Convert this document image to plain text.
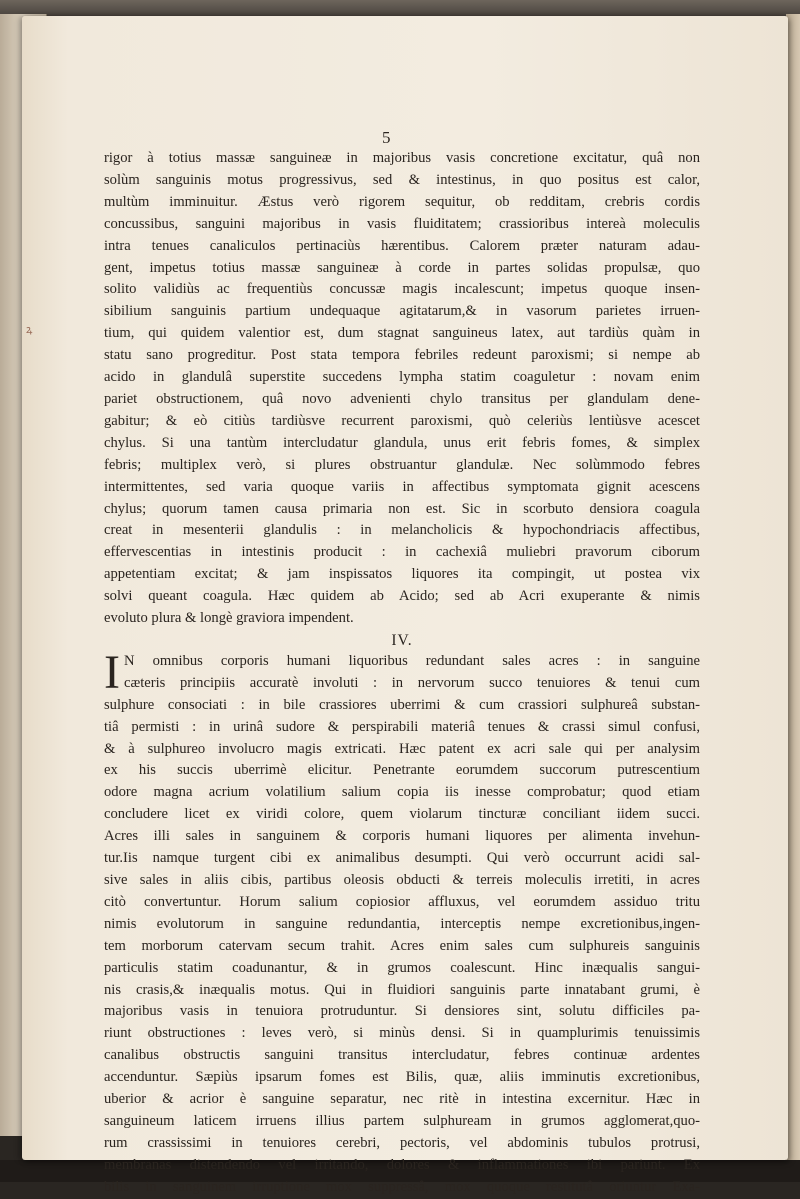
ꝝ
5
rigor à totius massæ sanguineæ in majoribus vasis concretione excitatur, quâ non
solùm sanguinis motus progressivus, sed & intestinus, in quo positus est calor,
multùm imminuitur. Æstus verò rigorem sequitur, ob redditam, crebris cordis
concussibus, sanguini majoribus in vasis fluiditatem; crassioribus intereà moleculis
intra tenues canaliculos pertinaciùs hærentibus. Calorem præter naturam adau-
gent, impetus totius massæ sanguineæ à corde in partes solidas propulsæ, quo
solito validiùs ac frequentiùs concussæ magis incalescunt; impetus quoque insen-
sibilium sanguinis partium undequaque agitatarum,& in vasorum parietes irruen-
tium, qui quidem valentior est, dum stagnat sanguineus latex, aut tardiùs quàm in
statu sano progreditur. Post stata tempora febriles redeunt paroxismi; si nempe ab
acido in glandulâ superstite succedens lympha statim coaguletur : novam enim
pariet obstructionem, quâ novo advenienti chylo transitus per glandulam dene-
gabitur; & eò citiùs tardiùsve recurrent paroxismi, quò celeriùs lentiùsve acescet
chylus. Si una tantùm intercludatur glandula, unus erit febris fomes, & simplex
febris; multiplex verò, si plures obstruantur glandulæ. Nec solùmmodo febres
intermittentes, sed varia quoque variis in affectibus symptomata gignit acescens
chylus; quorum tamen causa primaria non est. Sic in scorbuto densiora coagula
creat in mesenterii glandulis : in melancholicis & hypochondriacis affectibus,
effervescentias in intestinis producit : in cachexiâ muliebri pravorum ciborum
appetentiam excitat; & jam inspissatos liquores ita compingit, ut postea vix
solvi queant coagula. Hæc quidem ab Acido; sed ab Acri exuperante & nimis
evoluto plura & longè graviora impendent.
IV.
I N omnibus corporis humani liquoribus redundant sales acres : in sanguine
cæteris principiis accuratè involuti : in nervorum succo tenuiores & tenui cum
sulphure consociati : in bile crassiores uberrimi & cum crassiori sulphureâ substan-
tiâ permisti : in urinâ sudore & perspirabili materiâ tenues & crassi simul confusi,
& à sulphureo involucro magis extricati. Hæc patent ex acri sale qui per analysim
ex his succis uberrimè elicitur. Penetrante eorumdem succorum putrescentium
odore magna acrium volatilium salium copia iis inesse comprobatur; quod etiam
concludere licet ex viridi colore, quem violarum tincturæ conciliant iidem succi.
Acres illi sales in sanguinem & corporis humani liquores per alimenta invehun-
tur.Iis namque turgent cibi ex animalibus desumpti. Qui verò occurrunt acidi sal-
sive sales in aliis cibis, partibus oleosis obducti & terreis moleculis irretiti, in acres
citò convertuntur. Horum salium copiosior affluxus, vel eorumdem assiduo tritu
nimis evolutorum in sanguine redundantia, interceptis nempe excretionibus,ingen-
tem morborum catervam secum trahit. Acres enim sales cum sulphureis sanguinis
particulis statim coadunantur, & in grumos coalescunt. Hinc inæqualis sangui-
nis crasis,& inæqualis motus. Qui in fluidiori sanguinis parte innatabant grumi, è
majoribus vasis in tenuiora protruduntur. Si densiores sint, solutu difficiles pa-
riunt obstructiones : leves verò, si minùs densi. Si in quamplurimis tenuissimis
canalibus obstructis sanguini transitus intercludatur, febres continuæ ardentes
accenduntur. Sæpiùs ipsarum fomes est Bilis, quæ, aliis imminutis excretionibus,
uberior & acrior è sanguine separatur, nec ritè in intestina excernitur. Hæc in
sanguineum laticem irruens illius partem sulphuream in grumos agglomerat,quo-
rum crassissimi in tenuiores cerebri, pectoris, vel abdominis tubulos protrusi,
membranas distendendo vel irritando, dolores & inflammationes ibi pariunt. Ex
bilis in sanguinem irruptione mox suppressâ, mox quoque restitutâ oriuntur Exa-
